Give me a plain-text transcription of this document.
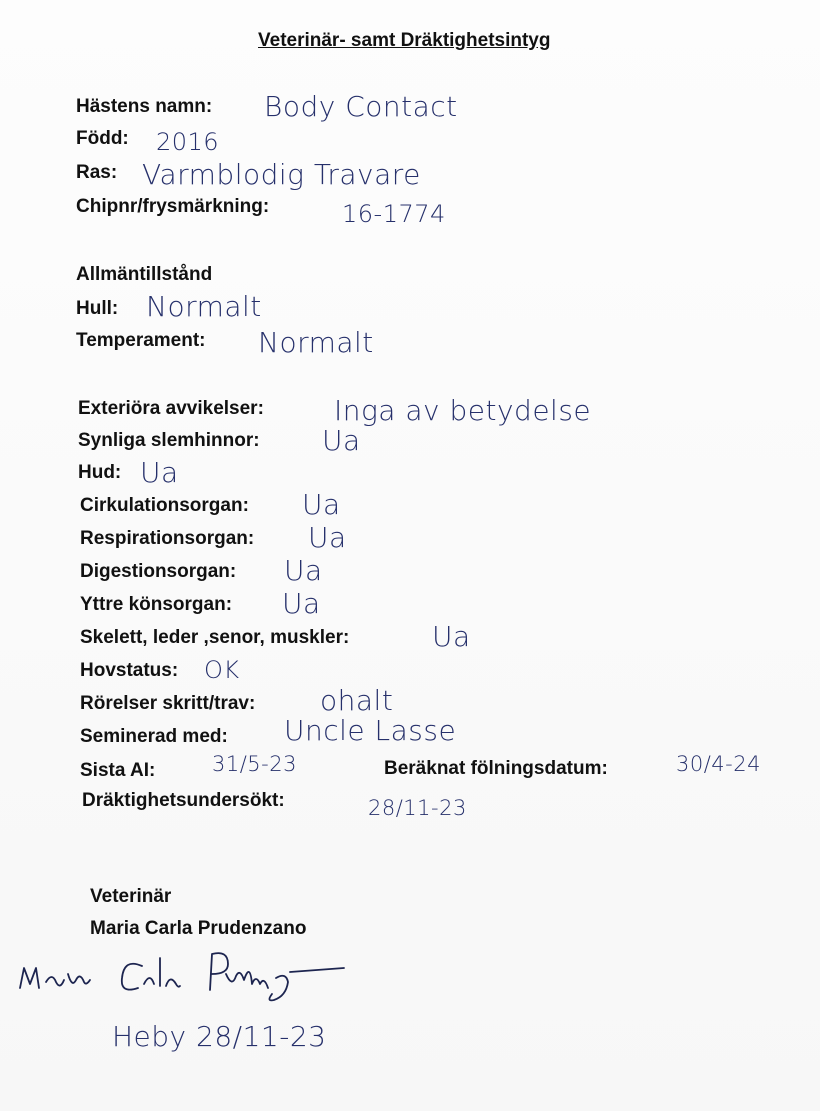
Veterinär- samt Dräktighetsintyg
Hästens namn: Body Contact
Född: 2016
Ras: Varmblodig Travare
Chipnr/frysmärkning:	16-1774
Allmäntillstånd
Hull: Normalt
Temperament: Normalt
Exteriöra avvikelser:	Inga av betydelse
Synliga slemhinnor: Ua
Hud: Ua
Cirkulationsorgan: Ua
Respirationsorgan: Ua
Digestionsorgan: Ua
Yttre könsorgan: Ua
Skelett, leder ,senor, muskler:	Ua
Hovstatus: OK
Rörelser skritt/trav: ohalt
Seminerad med: Uncle Lasse
Sista AI:	31/5-23	Beräknat fölningsdatum:	30/4-24
Dräktighetsundersökt:	28/11-23
Veterinär
Maria Carla Prudenzano
Heby 28/11-23
